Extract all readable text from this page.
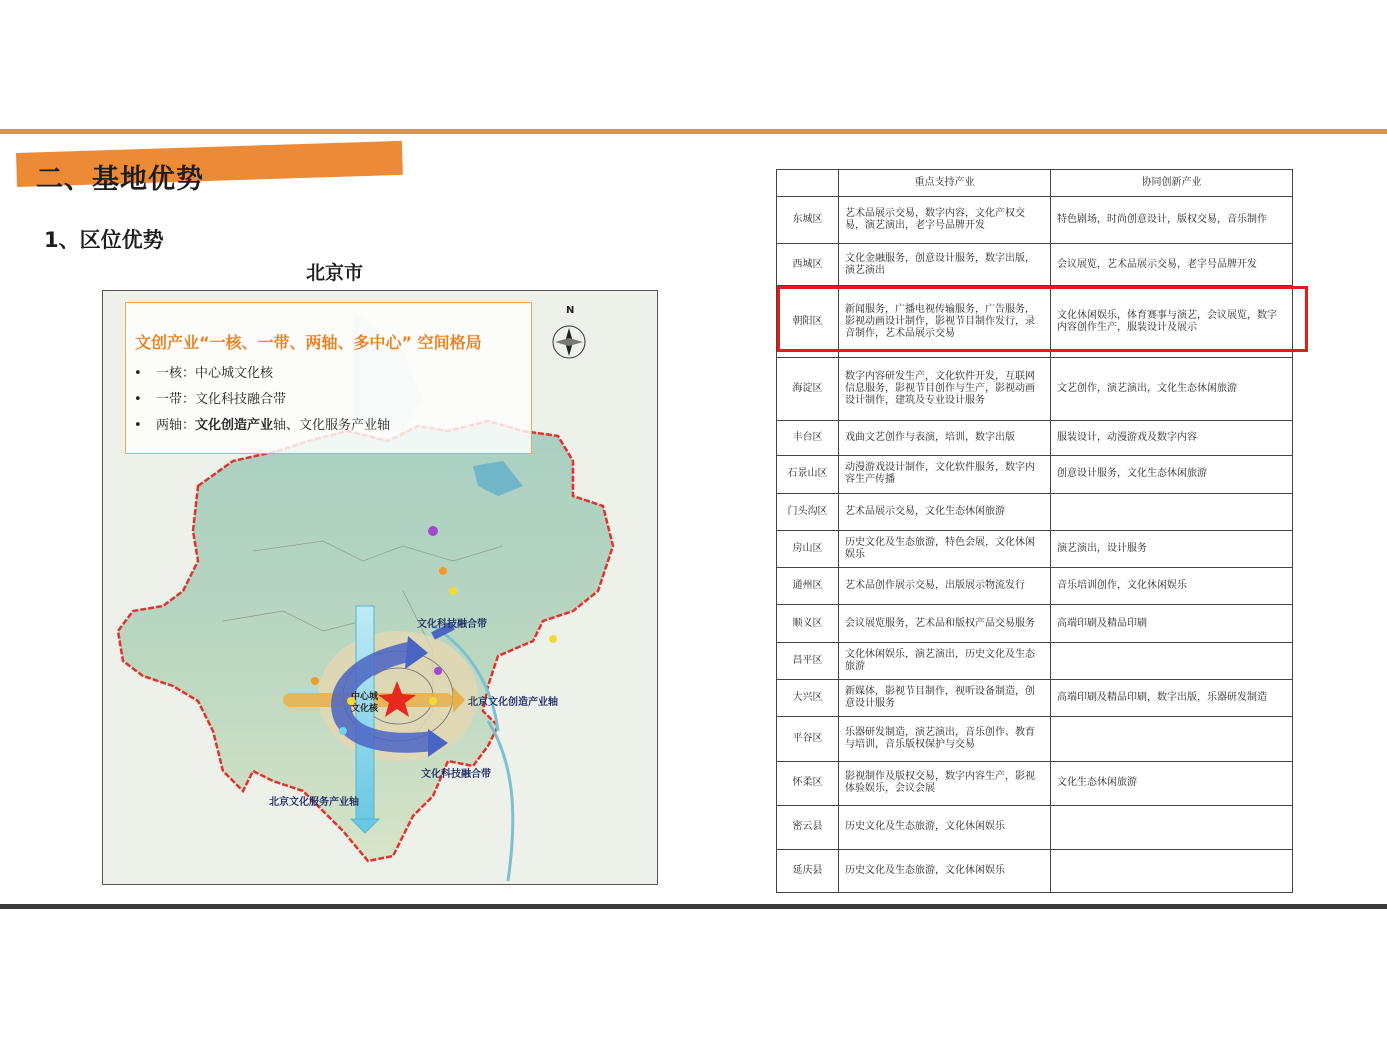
二、基地优势
1、区位优势
北京市
N
文创产业“一核、一带、两轴、多中心” 空间格局
• 一核：中心城文化核
• 一带：文化科技融合带
• 两轴：文化创造产业轴、文化服务产业轴
文化科技融合带
文化科技融合带
北京文化创造产业轴
北京文化服务产业轴
中心城
文化核
	重点支持产业	协同创新产业
东城区	艺术品展示交易，数字内容，文化产权交易，演艺演出，老字号品牌开发	特色剧场，时尚创意设计，版权交易，音乐制作
西城区	文化金融服务，创意设计服务，数字出版，演艺演出	会议展览，艺术品展示交易，老字号品牌开发
朝阳区	新闻服务，广播电视传输服务，广告服务，影视动画设计制作，影视节目制作发行，录音制作，艺术品展示交易	文化休闲娱乐，体育赛事与演艺，会议展览，数字内容创作生产，服装设计及展示
海淀区	数字内容研发生产，文化软件开发，互联网信息服务，影视节目创作与生产，影视动画设计制作，建筑及专业设计服务	文艺创作，演艺演出，文化生态休闲旅游
丰台区	戏曲文艺创作与表演，培训，数字出版	服装设计，动漫游戏及数字内容
石景山区	动漫游戏设计制作，文化软件服务，数字内容生产传播	创意设计服务，文化生态休闲旅游
门头沟区	艺术品展示交易，文化生态休闲旅游	
房山区	历史文化及生态旅游，特色会展，文化休闲娱乐	演艺演出，设计服务
通州区	艺术品创作展示交易，出版展示物流发行	音乐培训创作，文化休闲娱乐
顺义区	会议展览服务，艺术品和版权产品交易服务	高端印刷及精品印刷
昌平区	文化休闲娱乐，演艺演出，历史文化及生态旅游	
大兴区	新媒体，影视节目制作，视听设备制造，创意设计服务	高端印刷及精品印刷，数字出版，乐器研发制造
平谷区	乐器研发制造，演艺演出，音乐创作、教育与培训，音乐版权保护与交易	
怀柔区	影视制作及版权交易，数字内容生产，影视体验娱乐，会议会展	文化生态休闲旅游
密云县	历史文化及生态旅游，文化休闲娱乐	
延庆县	历史文化及生态旅游，文化休闲娱乐	
